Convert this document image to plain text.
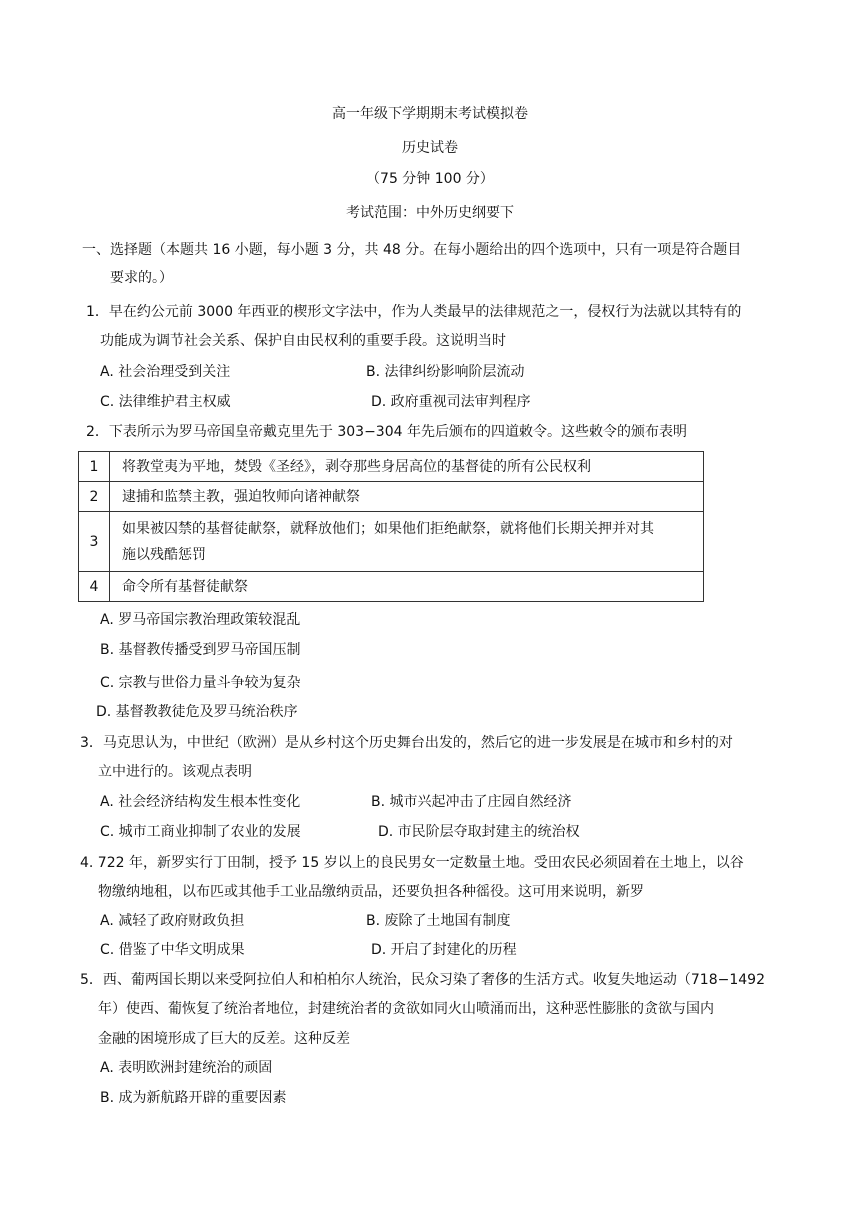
高一年级下学期期末考试模拟卷
历史试卷
（75 分钟 100 分）
考试范围：中外历史纲要下
一、选择题（本题共 16 小题，每小题 3 分，共 48 分。在每小题给出的四个选项中，只有一项是符合题目
要求的。）
1．早在约公元前 3000 年西亚的楔形文字法中，作为人类最早的法律规范之一，侵权行为法就以其特有的
功能成为调节社会关系、保护自由民权利的重要手段。这说明当时
A. 社会治理受到关注	B. 法律纠纷影响阶层流动
C. 法律维护君主权威	D. 政府重视司法审判程序
2．下表所示为罗马帝国皇帝戴克里先于 303−304 年先后颁布的四道敕令。这些敕令的颁布表明
1	将教堂夷为平地，焚毁《圣经》，剥夺那些身居高位的基督徒的所有公民权利
2	逮捕和监禁主教，强迫牧师向诸神献祭
3	如果被囚禁的基督徒献祭，就释放他们；如果他们拒绝献祭，就将他们长期关押并对其
施以残酷惩罚

4	命令所有基督徒献祭
A. 罗马帝国宗教治理政策较混乱
B. 基督教传播受到罗马帝国压制
C. 宗教与世俗力量斗争较为复杂
D. 基督教教徒危及罗马统治秩序
3．马克思认为，中世纪（欧洲）是从乡村这个历史舞台出发的，然后它的进一步发展是在城市和乡村的对
立中进行的。该观点表明
A. 社会经济结构发生根本性变化	B. 城市兴起冲击了庄园自然经济
C. 城市工商业抑制了农业的发展	D. 市民阶层夺取封建主的统治权
4. 722 年，新罗实行丁田制，授予 15 岁以上的良民男女一定数量土地。受田农民必须固着在土地上，以谷
物缴纳地租，以布匹或其他手工业品缴纳贡品，还要负担各种徭役。这可用来说明，新罗
A. 减轻了政府财政负担	B. 废除了土地国有制度
C. 借鉴了中华文明成果	D. 开启了封建化的历程
5．西、葡两国长期以来受阿拉伯人和柏柏尔人统治，民众习染了奢侈的生活方式。收复失地运动（718−1492
年）使西、葡恢复了统治者地位，封建统治者的贪欲如同火山喷涌而出，这种恶性膨胀的贪欲与国内
金融的困境形成了巨大的反差。这种反差
A. 表明欧洲封建统治的顽固
B. 成为新航路开辟的重要因素
